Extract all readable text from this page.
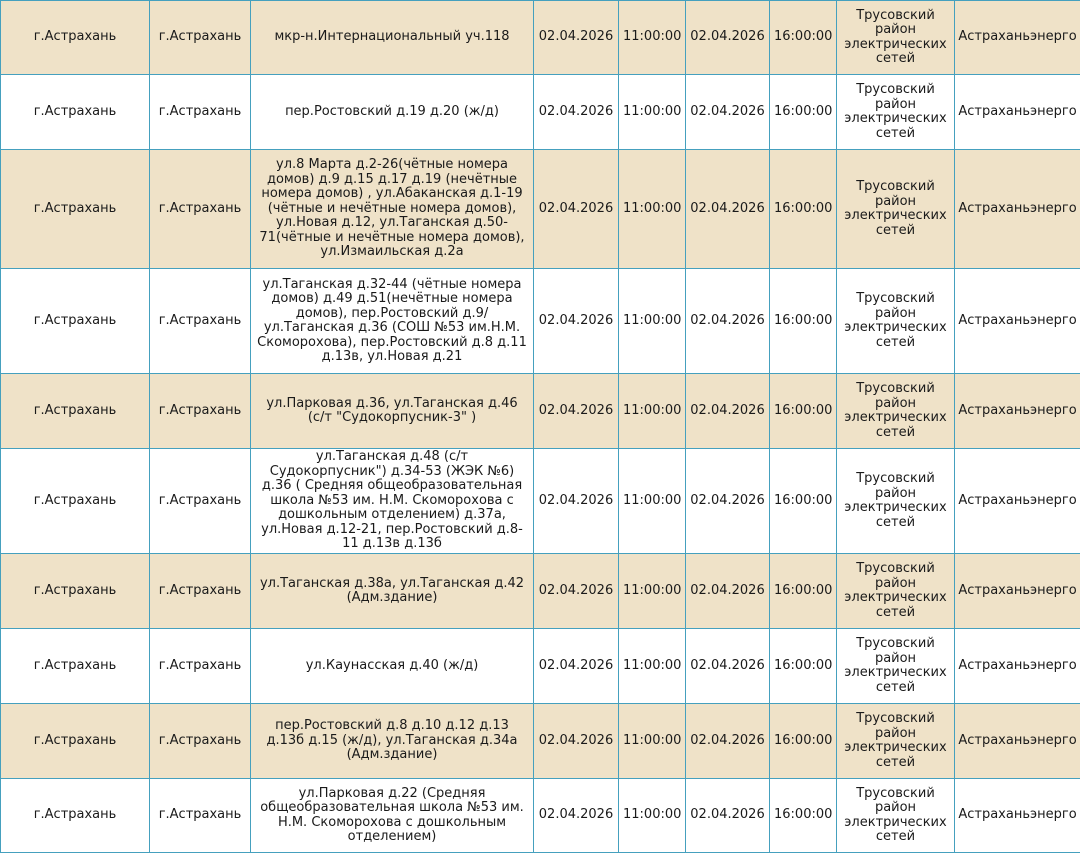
г.Астрахань	г.Астрахань	мкр-н.Интернациональный уч.118	02.04.2026	11:00:00	02.04.2026	16:00:00	Трусовский район электрических сетей	Астраханьэнерго
г.Астрахань	г.Астрахань	пер.Ростовский д.19 д.20 (ж/д)	02.04.2026	11:00:00	02.04.2026	16:00:00	Трусовский район электрических сетей	Астраханьэнерго
г.Астрахань	г.Астрахань	ул.8 Марта д.2-26(чётные номера домов) д.9 д.15 д.17 д.19 (нечётные номера домов) , ул.Абаканская д.1-19 (чётные и нечётные номера домов), ул.Новая д.12, ул.Таганская д.50-71(чётные и нечётные номера домов), ул.Измаильская д.2а	02.04.2026	11:00:00	02.04.2026	16:00:00	Трусовский район электрических сетей	Астраханьэнерго
г.Астрахань	г.Астрахань	ул.Таганская д.32-44 (чётные номера домов) д.49 д.51(нечётные номера домов), пер.Ростовский д.9/ ул.Таганская д.36 (СОШ №53 им.Н.М. Скоморохова), пер.Ростовский д.8 д.11 д.13в, ул.Новая д.21	02.04.2026	11:00:00	02.04.2026	16:00:00	Трусовский район электрических сетей	Астраханьэнерго
г.Астрахань	г.Астрахань	ул.Парковая д.36, ул.Таганская д.46 (с/т "Судокорпусник-3" )	02.04.2026	11:00:00	02.04.2026	16:00:00	Трусовский район электрических сетей	Астраханьэнерго
г.Астрахань	г.Астрахань	ул.Таганская д.48 (с/т Судокорпусник") д.34-53 (ЖЭК №6) д.36 ( Средняя общеобразовательная школа №53 им. Н.М. Скоморохова с дошкольным отделением) д.37а, ул.Новая д.12-21, пер.Ростовский д.8-11 д.13в д.13б	02.04.2026	11:00:00	02.04.2026	16:00:00	Трусовский район электрических сетей	Астраханьэнерго
г.Астрахань	г.Астрахань	ул.Таганская д.38а, ул.Таганская д.42 (Адм.здание)	02.04.2026	11:00:00	02.04.2026	16:00:00	Трусовский район электрических сетей	Астраханьэнерго
г.Астрахань	г.Астрахань	ул.Каунасская д.40 (ж/д)	02.04.2026	11:00:00	02.04.2026	16:00:00	Трусовский район электрических сетей	Астраханьэнерго
г.Астрахань	г.Астрахань	пер.Ростовский д.8 д.10 д.12 д.13 д.13б д.15 (ж/д), ул.Таганская д.34а (Адм.здание)	02.04.2026	11:00:00	02.04.2026	16:00:00	Трусовский район электрических сетей	Астраханьэнерго
г.Астрахань	г.Астрахань	ул.Парковая д.22 (Средняя общеобразовательная школа №53 им. Н.М. Скоморохова с дошкольным отделением)	02.04.2026	11:00:00	02.04.2026	16:00:00	Трусовский район электрических сетей	Астраханьэнерго
